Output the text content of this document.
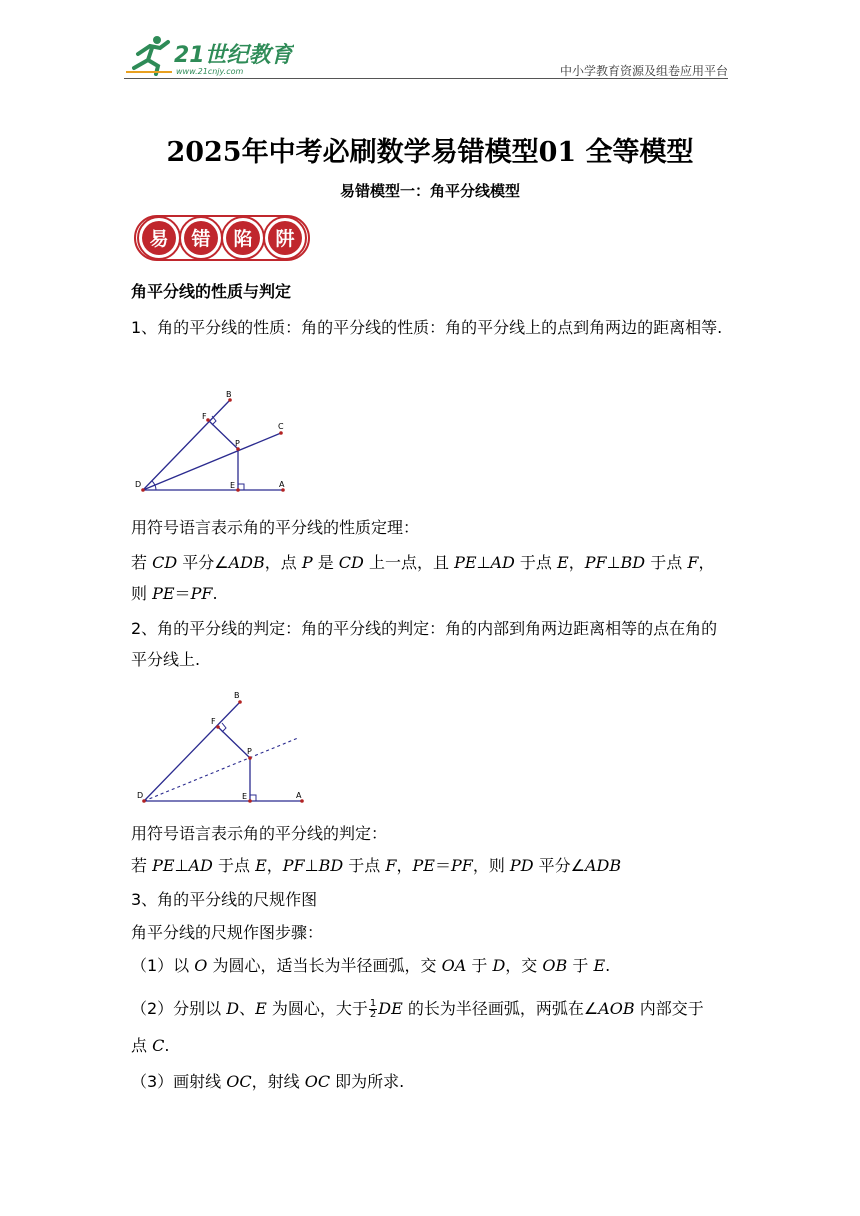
21世纪教育
www.21cnjy.com	中小学教育资源及组卷应用平台
2025年中考必刷数学易错模型01 全等模型
易错模型一：角平分线模型
易 错 陷 阱
角平分线的性质与判定
1、角的平分线的性质：角的平分线的性质：角的平分线上的点到角两边的距离相等.
D	A
B
C
P
E
F
用符号语言表示角的平分线的性质定理：
若 CD 平分∠ADB，点 P 是 CD 上一点，且 PE⊥AD 于点 E，PF⊥BD 于点 F，
则 PE＝PF.
2、角的平分线的判定：角的平分线的判定：角的内部到角两边距离相等的点在角的平分线上.
D	A
B
F
P
E
用符号语言表示角的平分线的判定：
若 PE⊥AD 于点 E，PF⊥BD 于点 F，PE＝PF，则 PD 平分∠ADB
3、角的平分线的尺规作图
角平分线的尺规作图步骤：
（1）以 O 为圆心，适当长为半径画弧，交 OA 于 D，交 OB 于 E.
（2）分别以 D、E 为圆心，大于 $\frac{1}{2}$ DE 的长为半径画弧，两弧在∠AOB 内部交于
点 C.
（3）画射线 OC，射线 OC 即为所求.
